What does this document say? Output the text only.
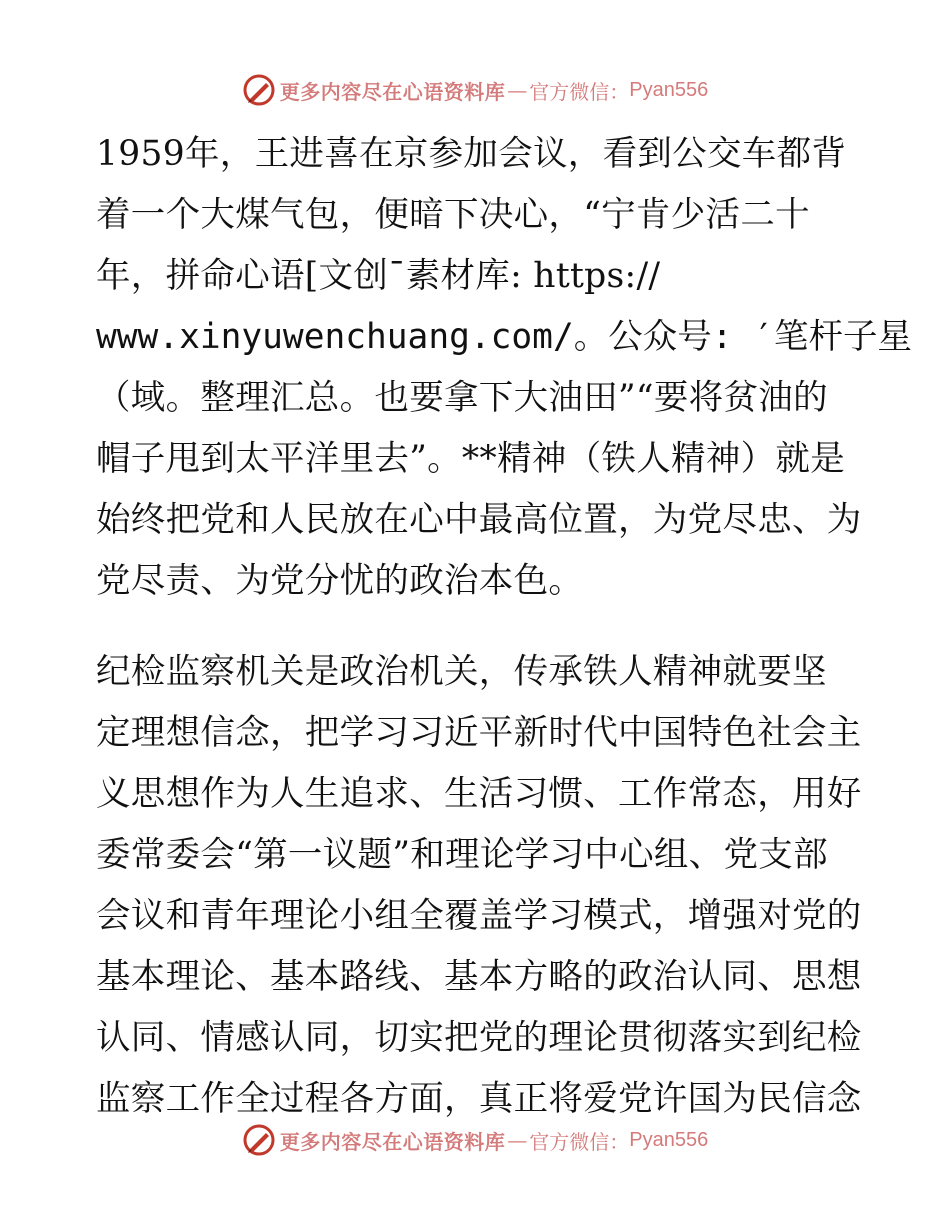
更多内容尽在心语资料库 — 官方微信： Pyan556
1959年，王进喜在京参加会议，看到公交车都背
着一个大煤气包，便暗下决心，“宁肯少活二十
年，拼命心语[文创¯素材库: https://
www.xinyuwenchuang.com/。公众号: ′笔杆子星
（域。整理汇总。也要拿下大油田”“要将贫油的
帽子甩到太平洋里去”。**精神（铁人精神）就是
始终把党和人民放在心中最高位置，为党尽忠、为
党尽责、为党分忧的政治本色。
纪检监察机关是政治机关，传承铁人精神就要坚
定理想信念，把学习习近平新时代中国特色社会主
义思想作为人生追求、生活习惯、工作常态，用好
委常委会“第一议题”和理论学习中心组、党支部
会议和青年理论小组全覆盖学习模式，增强对党的
基本理论、基本路线、基本方略的政治认同、思想
认同、情感认同，切实把党的理论贯彻落实到纪检
监察工作全过程各方面，真正将爱党许国为民信念
更多内容尽在心语资料库 — 官方微信： Pyan556
